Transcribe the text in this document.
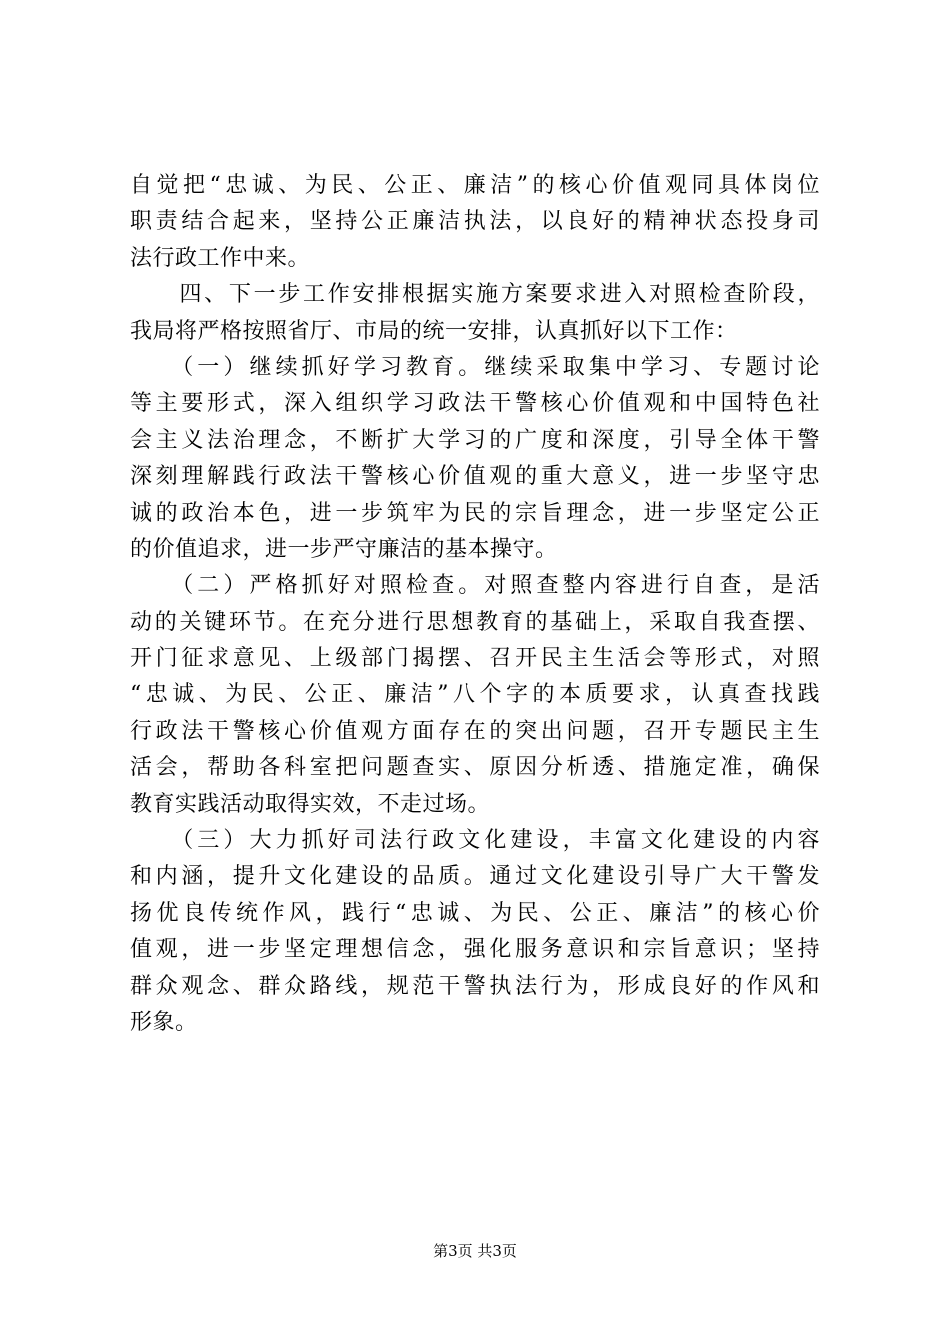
自觉把“忠诚、为民、公正、廉洁”的核心价值观同具体岗位
职责结合起来，坚持公正廉洁执法，以良好的精神状态投身司
法行政工作中来。
　　四、下一步工作安排根据实施方案要求进入对照检查阶段，
我局将严格按照省厅、市局的统一安排，认真抓好以下工作：
　　（一）继续抓好学习教育。继续采取集中学习、专题讨论
等主要形式，深入组织学习政法干警核心价值观和中国特色社
会主义法治理念，不断扩大学习的广度和深度，引导全体干警
深刻理解践行政法干警核心价值观的重大意义，进一步坚守忠
诚的政治本色，进一步筑牢为民的宗旨理念，进一步坚定公正
的价值追求，进一步严守廉洁的基本操守。
　　（二）严格抓好对照检查。对照查整内容进行自查，是活
动的关键环节。在充分进行思想教育的基础上，采取自我查摆、
开门征求意见、上级部门揭摆、召开民主生活会等形式，对照
“忠诚、为民、公正、廉洁”八个字的本质要求，认真查找践
行政法干警核心价值观方面存在的突出问题，召开专题民主生
活会，帮助各科室把问题查实、原因分析透、措施定准，确保
教育实践活动取得实效，不走过场。
　　（三）大力抓好司法行政文化建设，丰富文化建设的内容
和内涵，提升文化建设的品质。通过文化建设引导广大干警发
扬优良传统作风，践行“忠诚、为民、公正、廉洁”的核心价
值观，进一步坚定理想信念，强化服务意识和宗旨意识；坚持
群众观念、群众路线，规范干警执法行为，形成良好的作风和
形象。
第3页 共3页
